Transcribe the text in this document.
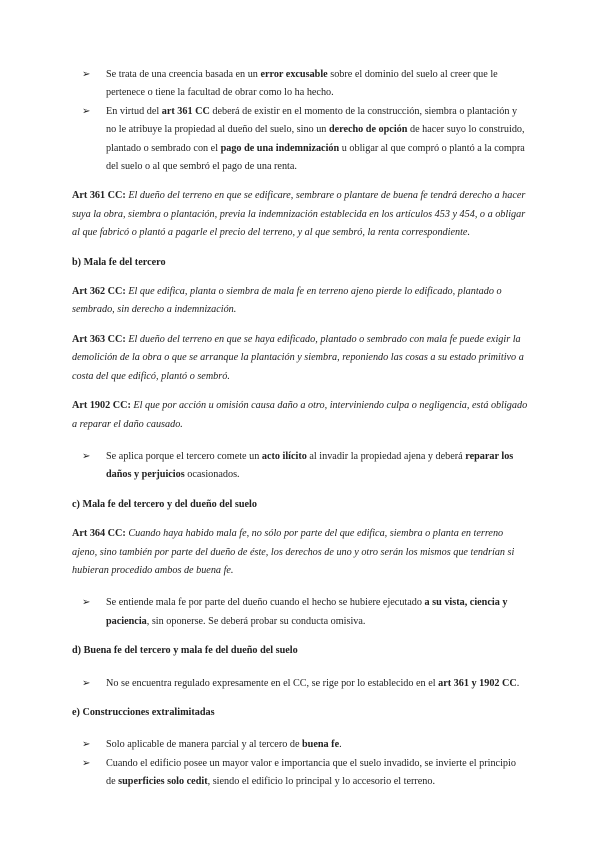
➢ Se trata de una creencia basada en un error excusable sobre el dominio del suelo al creer que le pertenece o tiene la facultad de obrar como lo ha hecho.

➢ En virtud del art 361 CC deberá de existir en el momento de la construcción, siembra o plantación y no le atribuye la propiedad al dueño del suelo, sino un derecho de opción de hacer suyo lo construido, plantado o sembrado con el pago de una indemnización u obligar al que compró o plantó a la compra del suelo o al que sembró el pago de una renta.

Art 361 CC: El dueño del terreno en que se edificare, sembrare o plantare de buena fe tendrá derecho a hacer suya la obra, siembra o plantación, previa la indemnización establecida en los artículos 453 y 454, o a obligar al que fabricó o plantó a pagarle el precio del terreno, y al que sembró, la renta correspondiente.

b) Mala fe del tercero

Art 362 CC: El que edifica, planta o siembra de mala fe en terreno ajeno pierde lo edificado, plantado o sembrado, sin derecho a indemnización.

Art 363 CC: El dueño del terreno en que se haya edificado, plantado o sembrado con mala fe puede exigir la demolición de la obra o que se arranque la plantación y siembra, reponiendo las cosas a su estado primitivo a costa del que edificó, plantó o sembró.

Art 1902 CC: El que por acción u omisión causa daño a otro, interviniendo culpa o negligencia, está obligado a reparar el daño causado.

➢ Se aplica porque el tercero comete un acto ilícito al invadir la propiedad ajena y deberá reparar los daños y perjuicios ocasionados.

c) Mala fe del tercero y del dueño del suelo

Art 364 CC: Cuando haya habido mala fe, no sólo por parte del que edifica, siembra o planta en terreno ajeno, sino también por parte del dueño de éste, los derechos de uno y otro serán los mismos que tendrían si hubieran procedido ambos de buena fe.

➢ Se entiende mala fe por parte del dueño cuando el hecho se hubiere ejecutado a su vista, ciencia y paciencia, sin oponerse. Se deberá probar su conducta omisiva.

d) Buena fe del tercero y mala fe del dueño del suelo

➢ No se encuentra regulado expresamente en el CC, se rige por lo establecido en el art 361 y 1902 CC.

e) Construcciones extralimitadas

➢ Solo aplicable de manera parcial y al tercero de buena fe.

➢ Cuando el edificio posee un mayor valor e importancia que el suelo invadido, se invierte el principio de superficies solo cedit, siendo el edificio lo principal y lo accesorio el terreno.
